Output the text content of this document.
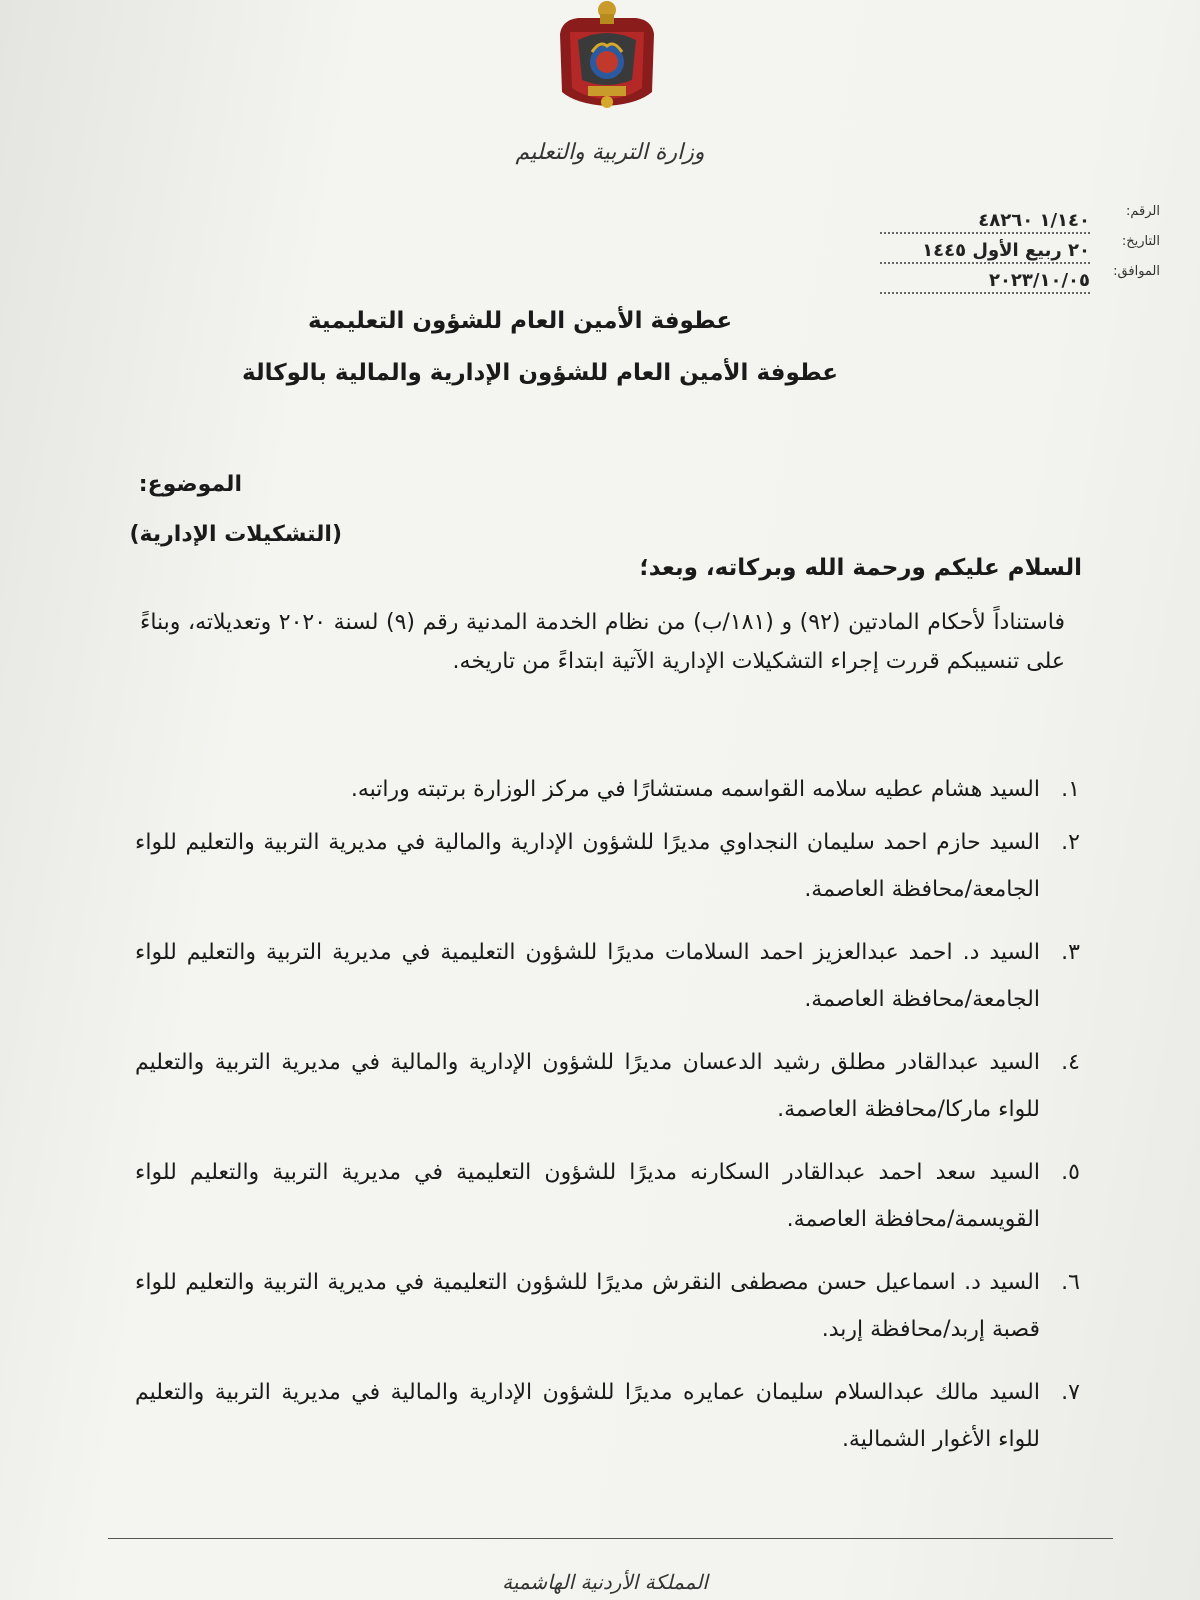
وزارة التربية والتعليم
الرقم:
١/١٤٠ ٤٨٢٦٠
التاريخ:
٢٠ ربيع الأول ١٤٤٥
الموافق:
٢٠٢٣/١٠/٠٥
عطوفة الأمين العام للشؤون التعليمية
عطوفة الأمين العام للشؤون الإدارية والمالية بالوكالة
الموضوع:
(التشكيلات الإدارية)
السلام عليكم ورحمة الله وبركاته، وبعد؛
فاستناداً لأحكام المادتين (٩٢) و (١٨١/ب) من نظام الخدمة المدنية رقم (٩) لسنة ٢٠٢٠ وتعديلاته، وبناءً على تنسيبكم قررت إجراء التشكيلات الإدارية الآتية ابتداءً من تاريخه.
١.
السيد هشام عطيه سلامه القواسمه مستشارًا في مركز الوزارة برتبته وراتبه.
٢.
السيد حازم احمد سليمان النجداوي مديرًا للشؤون الإدارية والمالية في مديرية التربية والتعليم للواء الجامعة/محافظة العاصمة.
٣.
السيد د. احمد عبدالعزيز احمد السلامات مديرًا للشؤون التعليمية في مديرية التربية والتعليم للواء الجامعة/محافظة العاصمة.
٤.
السيد عبدالقادر مطلق رشيد الدعسان مديرًا للشؤون الإدارية والمالية في مديرية التربية والتعليم للواء ماركا/محافظة العاصمة.
٥.
السيد سعد احمد عبدالقادر السكارنه مديرًا للشؤون التعليمية في مديرية التربية والتعليم للواء القويسمة/محافظة العاصمة.
٦.
السيد د. اسماعيل حسن مصطفى النقرش مديرًا للشؤون التعليمية في مديرية التربية والتعليم للواء قصبة إربد/محافظة إربد.
٧.
السيد مالك عبدالسلام سليمان عمايره مديرًا للشؤون الإدارية والمالية في مديرية التربية والتعليم للواء الأغوار الشمالية.
المملكة الأردنية الهاشمية
